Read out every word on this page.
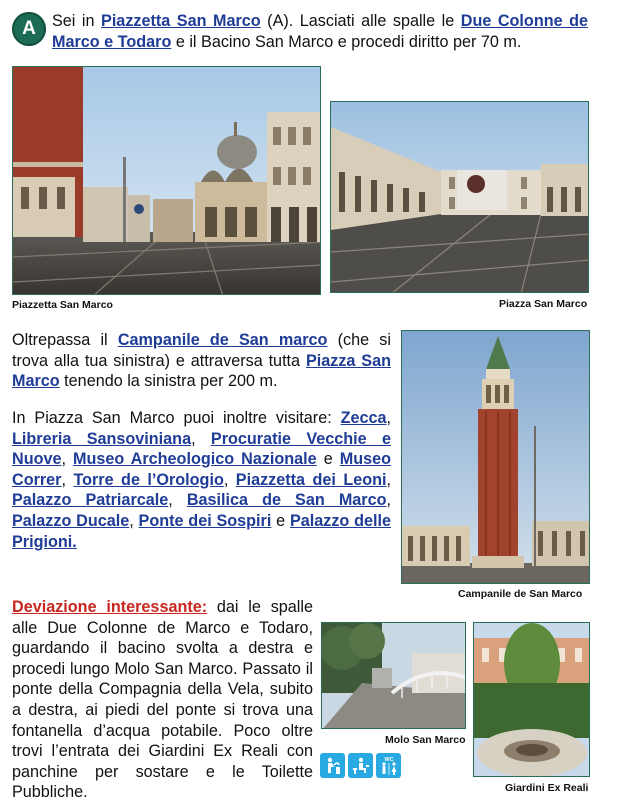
A Sei in Piazzetta San Marco (A). Lasciati alle spalle le Due Colonne de Marco e Todaro e il Bacino San Marco e procedi diritto per 70 m.

Piazzetta San Marco	Piazza San Marco

Oltrepassa il Campanile de San marco (che si trova alla tua sinistra) e attraversa tutta Piazza San Marco tenendo la sinistra per 200 m.

In Piazza San Marco puoi inoltre visitare: Zecca, Libreria Sansoviniana, Procuratie Vecchie e Nuove, Museo Archeologico Nazionale e Museo Correr, Torre de l’Orologio, Piazzetta dei Leoni, Palazzo Patriarcale, Basilica de San Marco, Palazzo Ducale, Ponte dei Sospiri e Palazzo delle Prigioni.

Campanile de San Marco

Deviazione interessante: dai le spalle alle Due Colonne de Marco e Todaro, guardando il bacino svolta a destra e procedi lungo Molo San Marco. Passato il ponte della Compagnia della Vela, subito a destra, ai piedi del ponte si trova una fontanella d’acqua potabile. Poco oltre trovi l’entrata dei Giardini Ex Reali con panchine per sostare e le Toilette Pubbliche.

Molo San Marco
Giardini Ex Reali
WC
